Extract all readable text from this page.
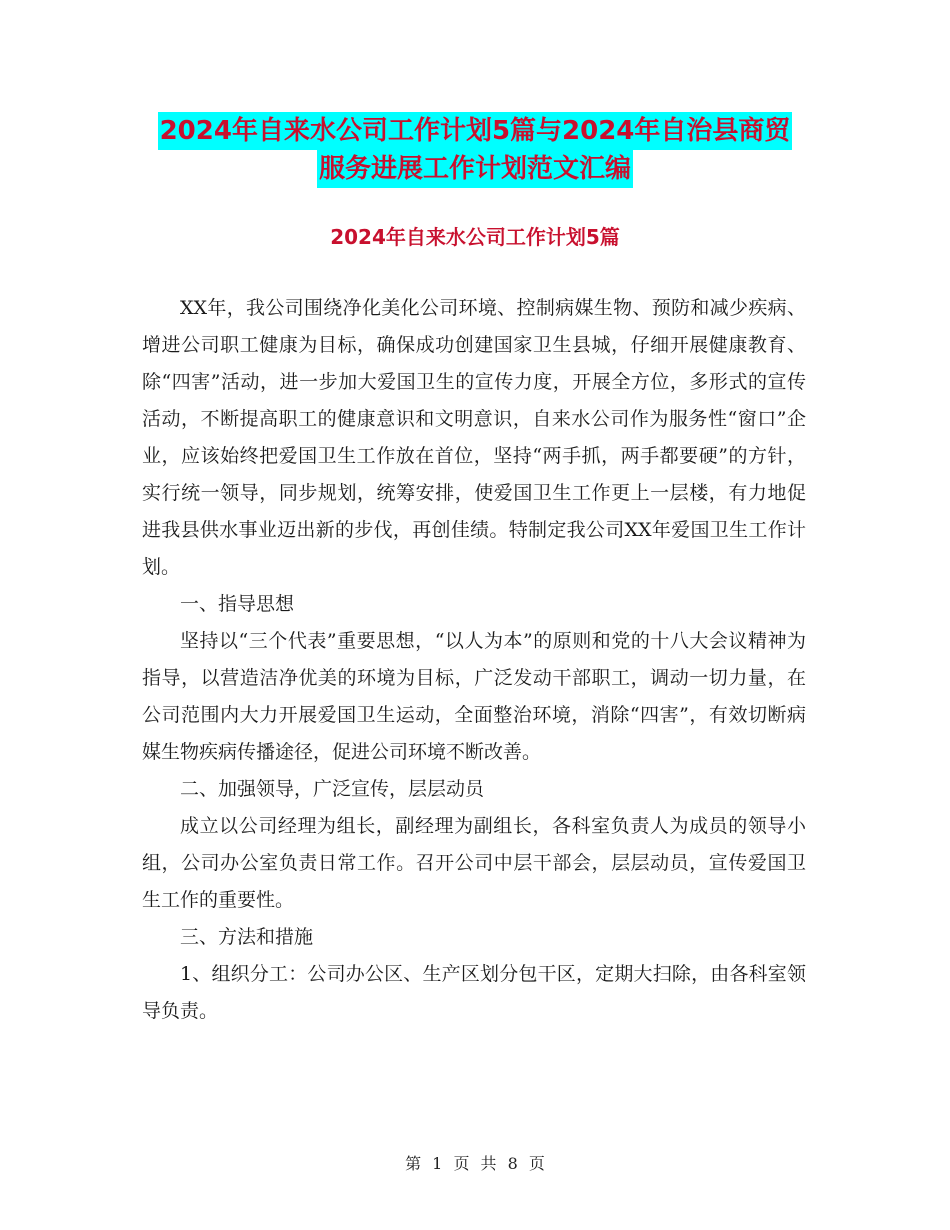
2024年自来水公司工作计划5篇与2024年自治县商贸
服务进展工作计划范文汇编
2024年自来水公司工作计划5篇

XX年，我公司围绕净化美化公司环境、控制病媒生物、预防和减少疾病、增进公司职工健康为目标，确保成功创建国家卫生县城，仔细开展健康教育、除“四害”活动，进一步加大爱国卫生的宣传力度，开展全方位，多形式的宣传活动，不断提高职工的健康意识和文明意识，自来水公司作为服务性“窗口”企业，应该始终把爱国卫生工作放在首位，坚持“两手抓，两手都要硬”的方针，实行统一领导，同步规划，统筹安排，使爱国卫生工作更上一层楼，有力地促进我县供水事业迈出新的步伐，再创佳绩。特制定我公司XX年爱国卫生工作计划。

一、指导思想

坚持以“三个代表”重要思想，“以人为本”的原则和党的十八大会议精神为指导，以营造洁净优美的环境为目标，广泛发动干部职工，调动一切力量，在公司范围内大力开展爱国卫生运动，全面整治环境，消除“四害”，有效切断病媒生物疾病传播途径，促进公司环境不断改善。

二、加强领导，广泛宣传，层层动员

成立以公司经理为组长，副经理为副组长，各科室负责人为成员的领导小组，公司办公室负责日常工作。召开公司中层干部会，层层动员，宣传爱国卫生工作的重要性。

三、方法和措施

1、组织分工：公司办公区、生产区划分包干区，定期大扫除，由各科室领导负责。

第 1 页 共 8 页
